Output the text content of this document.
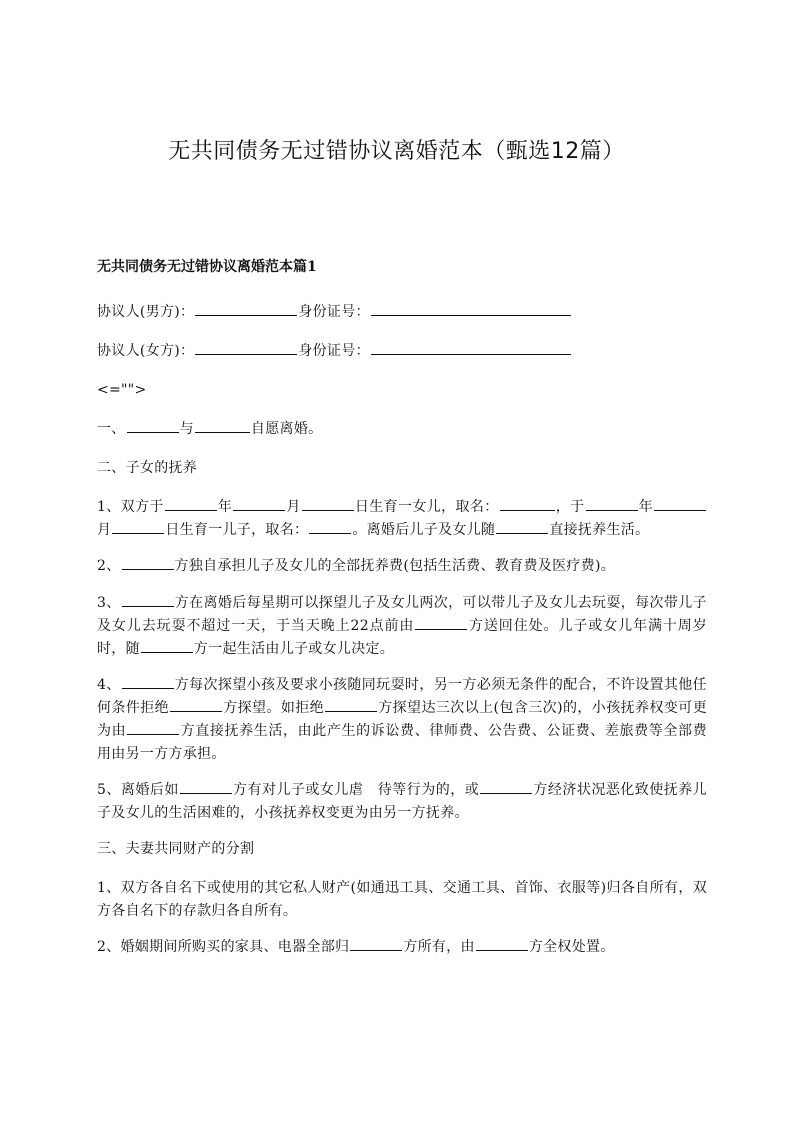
无共同债务无过错协议离婚范本（甄选12篇）
无共同债务无过错协议离婚范本篇1
协议人(男方)：	身份证号：
协议人(女方)：	身份证号：
<="">
一、	与	自愿离婚。
二、子女的抚养
1、双方于	年	月	日生育一女儿，取名：	，于	年月	日生育一儿子，取名：	。离婚后儿子及女儿随	直接抚养生活。
2、	方独自承担儿子及女儿的全部抚养费(包括生活费、教育费及医疗费)。
3、	方在离婚后每星期可以探望儿子及女儿两次，可以带儿子及女儿去玩耍，每次带儿子及女儿去玩耍不超过一天，于当天晚上22点前由	方送回住处。儿子或女儿年满十周岁时，随	方一起生活由儿子或女儿决定。
4、	方每次探望小孩及要求小孩随同玩耍时，另一方必须无条件的配合，不许设置其他任何条件拒绝	方探望。如拒绝	方探望达三次以上(包含三次)的，小孩抚养权变可更为由	方直接抚养生活，由此产生的诉讼费、律师费、公告费、公证费、差旅费等全部费用由另一方方承担。
5、离婚后如	方有对儿子或女儿虐　待等行为的，或	方经济状况恶化致使抚养儿子及女儿的生活困难的，小孩抚养权变更为由另一方抚养。
三、夫妻共同财产的分割
1、双方各自名下或使用的其它私人财产(如通迅工具、交通工具、首饰、衣服等)归各自所有，双方各自名下的存款归各自所有。
2、婚姻期间所购买的家具、电器全部归	方所有，由	方全权处置。
